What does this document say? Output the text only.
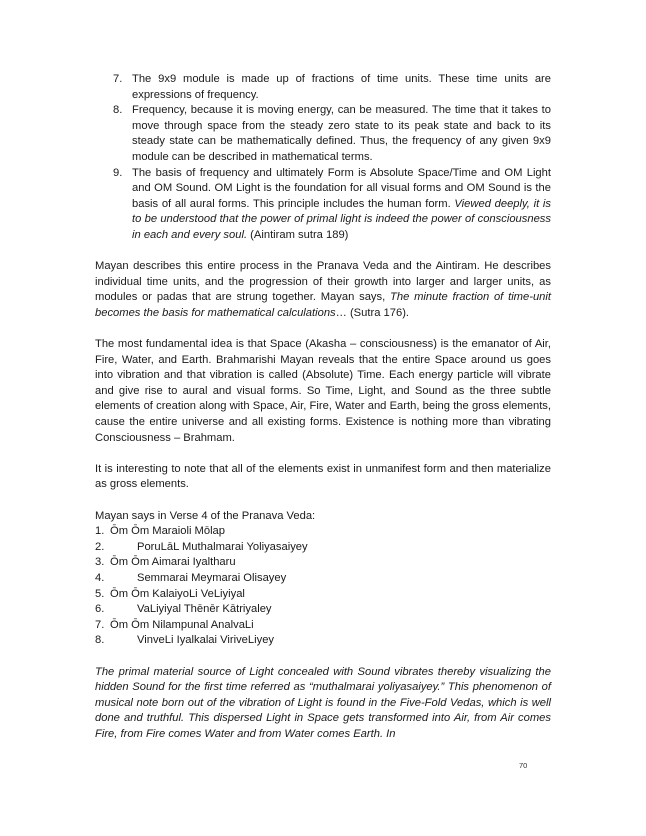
7. The 9x9 module is made up of fractions of time units. These time units are expressions of frequency.
8. Frequency, because it is moving energy, can be measured. The time that it takes to move through space from the steady zero state to its peak state and back to its steady state can be mathematically defined. Thus, the frequency of any given 9x9 module can be described in mathematical terms.
9. The basis of frequency and ultimately Form is Absolute Space/Time and OM Light and OM Sound. OM Light is the foundation for all visual forms and OM Sound is the basis of all aural forms. This principle includes the human form. Viewed deeply, it is to be understood that the power of primal light is indeed the power of consciousness in each and every soul. (Aintiram sutra 189)

Mayan describes this entire process in the Pranava Veda and the Aintiram. He describes individual time units, and the progression of their growth into larger and larger units, as modules or padas that are strung together. Mayan says, The minute fraction of time-unit becomes the basis for mathematical calculations… (Sutra 176).

The most fundamental idea is that Space (Akasha – consciousness) is the emanator of Air, Fire, Water, and Earth. Brahmarishi Mayan reveals that the entire Space around us goes into vibration and that vibration is called (Absolute) Time. Each energy particle will vibrate and give rise to aural and visual forms. So Time, Light, and Sound as the three subtle elements of creation along with Space, Air, Fire, Water and Earth, being the gross elements, cause the entire universe and all existing forms. Existence is nothing more than vibrating Consciousness – Brahmam.

It is interesting to note that all of the elements exist in unmanifest form and then materialize as gross elements.

Mayan says in Verse 4 of the Pranava Veda:

1. Ōm Ōm Maraioli Mōlap
2.	PoruLāL Muthalmarai Yoliyasaiyey
3. Ōm Ōm Aimarai Iyaltharu
4.	Semmarai Meymarai Olisayey
5. Ōm Ōm KalaiyoLi VeLiyiyal
6.	VaLiyiyal Thēnēr Kātriyaley
7. Ōm Ōm Nilampunal AnalvaLi
8.	VinveLi Iyalkalai ViriveLiyey

The primal material source of Light concealed with Sound vibrates thereby visualizing the hidden Sound for the first time referred as “muthalmarai yoliyasaiyey.” This phenomenon of musical note born out of the vibration of Light is found in the Five-Fold Vedas, which is well done and truthful. This dispersed Light in Space gets transformed into Air, from Air comes Fire, from Fire comes Water and from Water comes Earth. In

70
